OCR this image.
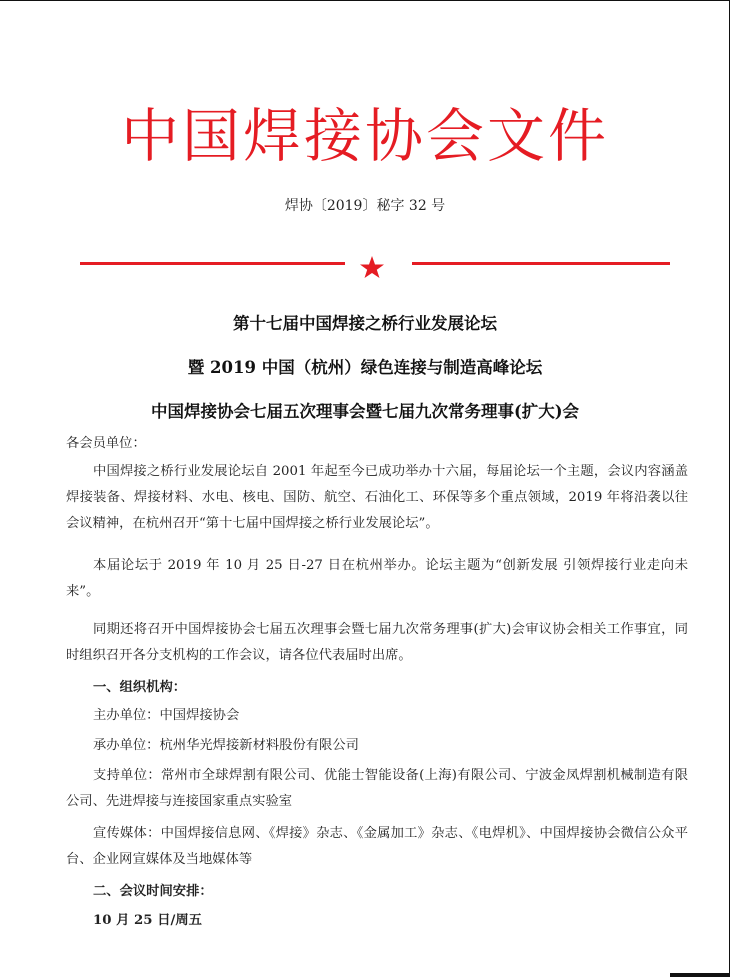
中国焊接协会文件
焊协〔2019〕秘字 32 号
第十七届中国焊接之桥行业发展论坛
暨 2019 中国（杭州）绿色连接与制造高峰论坛
中国焊接协会七届五次理事会暨七届九次常务理事(扩大)会
各会员单位：
中国焊接之桥行业发展论坛自 2001 年起至今已成功举办十六届，每届论坛一个主题，会议内容涵盖焊接装备、焊接材料、水电、核电、国防、航空、石油化工、环保等多个重点领域，2019 年将沿袭以往会议精神，在杭州召开“第十七届中国焊接之桥行业发展论坛”。
本届论坛于 2019 年 10 月 25 日-27 日在杭州举办。论坛主题为“创新发展 引领焊接行业走向未来”。
同期还将召开中国焊接协会七届五次理事会暨七届九次常务理事(扩大)会审议协会相关工作事宜，同时组织召开各分支机构的工作会议，请各位代表届时出席。
一、组织机构：
主办单位：中国焊接协会
承办单位：杭州华光焊接新材料股份有限公司
支持单位：常州市全球焊割有限公司、优能士智能设备(上海)有限公司、宁波金凤焊割机械制造有限公司、先进焊接与连接国家重点实验室
宣传媒体：中国焊接信息网、《焊接》杂志、《金属加工》杂志、《电焊机》、中国焊接协会微信公众平台、企业网宣媒体及当地媒体等
二、会议时间安排：
10 月 25 日/周五
